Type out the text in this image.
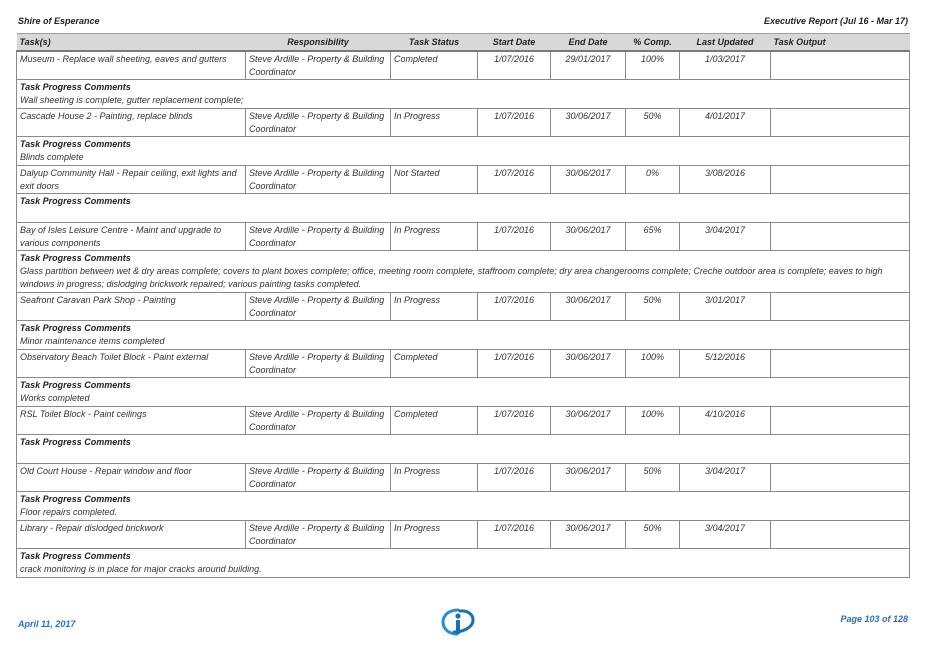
Shire of Esperance	Executive Report (Jul 16 - Mar 17)
Task(s)	Responsibility	Task Status	Start Date	End Date	% Comp.	Last Updated	Task Output
Museum - Replace wall sheeting, eaves and gutters	Steve Ardille - Property & Building Coordinator	Completed	1/07/2016	29/01/2017	100%	1/03/2017	

Task Progress Comments
Wall sheeting is complete, gutter replacement complete;							

Cascade House 2 - Painting, replace blinds	Steve Ardille - Property & Building Coordinator	In Progress	1/07/2016	30/06/2017	50%	4/01/2017	

Task Progress Comments
Blinds complete							

Dalyup Community Hall - Repair ceiling, exit lights and exit doors	Steve Ardille - Property & Building Coordinator	Not Started	1/07/2016	30/06/2017	0%	3/08/2016	

Task Progress Comments							

Bay of Isles Leisure Centre - Maint and upgrade to various components	Steve Ardille - Property & Building Coordinator	In Progress	1/07/2016	30/06/2017	65%	3/04/2017	

Task Progress Comments
Glass partition between wet & dry areas complete; covers to plant boxes complete; office, meeting room complete, staffroom complete; dry area changerooms complete; Creche outdoor area is complete; eaves to high windows in progress; dislodging brickwork repaired; various painting tasks completed.							

Seafront Caravan Park Shop - Painting	Steve Ardille - Property & Building Coordinator	In Progress	1/07/2016	30/06/2017	50%	3/01/2017	

Task Progress Comments
Minor maintenance items completed							

Observatory Beach Toilet Block - Paint external	Steve Ardille - Property & Building Coordinator	Completed	1/07/2016	30/06/2017	100%	5/12/2016	

Task Progress Comments
Works completed							

RSL Toilet Block - Paint ceilings	Steve Ardille - Property & Building Coordinator	Completed	1/07/2016	30/06/2017	100%	4/10/2016	

Task Progress Comments							

Old Court House - Repair window and floor	Steve Ardille - Property & Building Coordinator	In Progress	1/07/2016	30/06/2017	50%	3/04/2017	

Task Progress Comments
Floor repairs completed.							

Library - Repair dislodged brickwork	Steve Ardille - Property & Building Coordinator	In Progress	1/07/2016	30/06/2017	50%	3/04/2017	

Task Progress Comments
crack monitoring is in place for major cracks around building.							
April 11, 2017	Page 103 of 128
